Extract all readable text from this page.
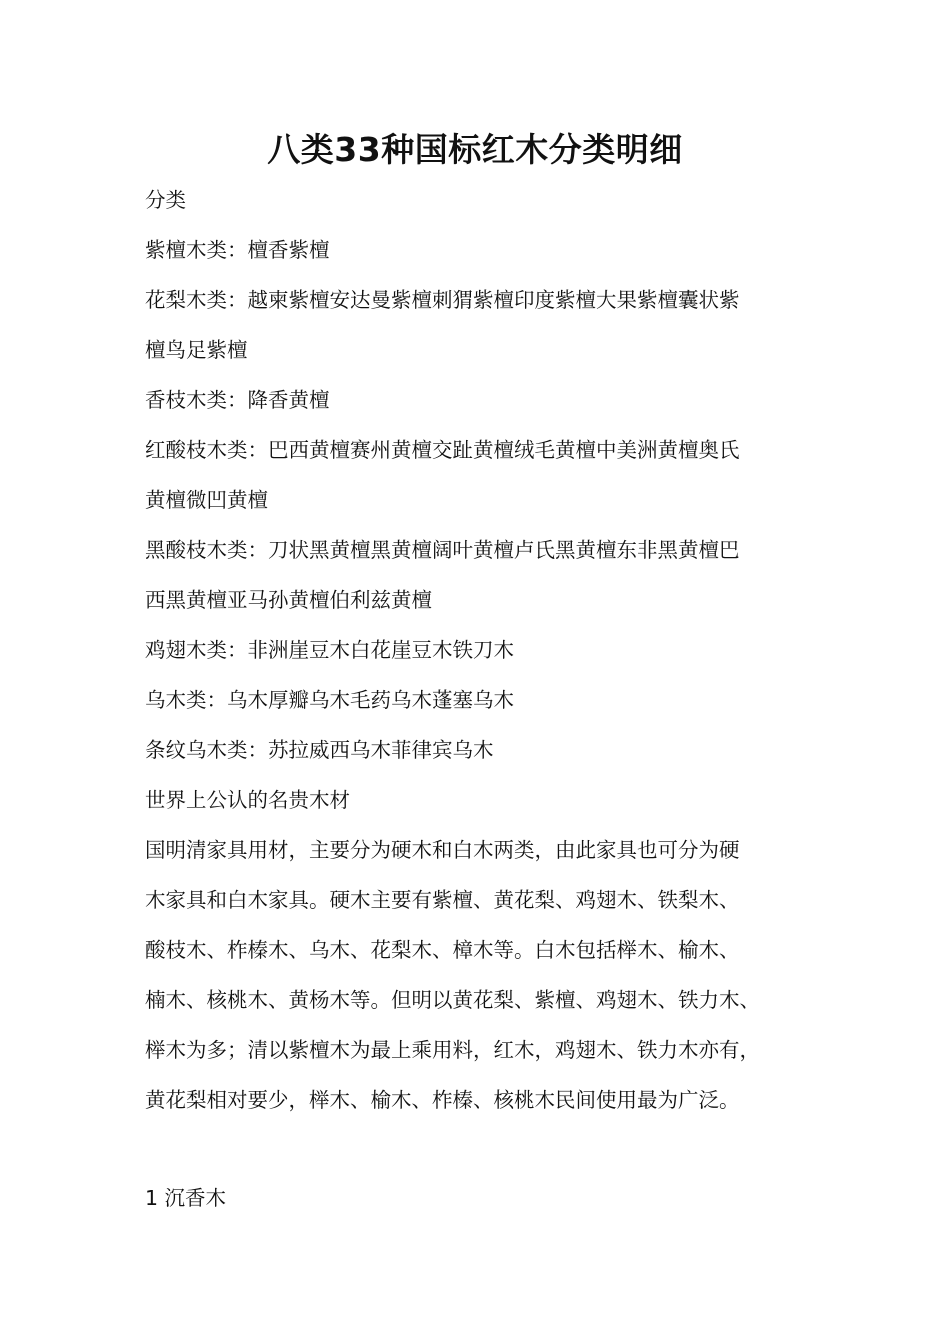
八类33种国标红木分类明细
分类
紫檀木类：檀香紫檀
花梨木类：越柬紫檀安达曼紫檀刺猬紫檀印度紫檀大果紫檀囊状紫
檀鸟足紫檀
香枝木类：降香黄檀
红酸枝木类：巴西黄檀赛州黄檀交趾黄檀绒毛黄檀中美洲黄檀奥氏
黄檀微凹黄檀
黑酸枝木类：刀状黑黄檀黑黄檀阔叶黄檀卢氏黑黄檀东非黑黄檀巴
西黑黄檀亚马孙黄檀伯利兹黄檀
鸡翅木类：非洲崖豆木白花崖豆木铁刀木
乌木类：乌木厚瓣乌木毛药乌木蓬塞乌木
条纹乌木类：苏拉威西乌木菲律宾乌木
世界上公认的名贵木材
国明清家具用材，主要分为硬木和白木两类，由此家具也可分为硬
木家具和白木家具。硬木主要有紫檀、黄花梨、鸡翅木、铁梨木、
酸枝木、柞榛木、乌木、花梨木、樟木等。白木包括榉木、榆木、
楠木、核桃木、黄杨木等。但明以黄花梨、紫檀、鸡翅木、铁力木、
榉木为多；清以紫檀木为最上乘用料，红木，鸡翅木、铁力木亦有，
黄花梨相对要少，榉木、榆木、柞榛、核桃木民间使用最为广泛。
1 沉香木
